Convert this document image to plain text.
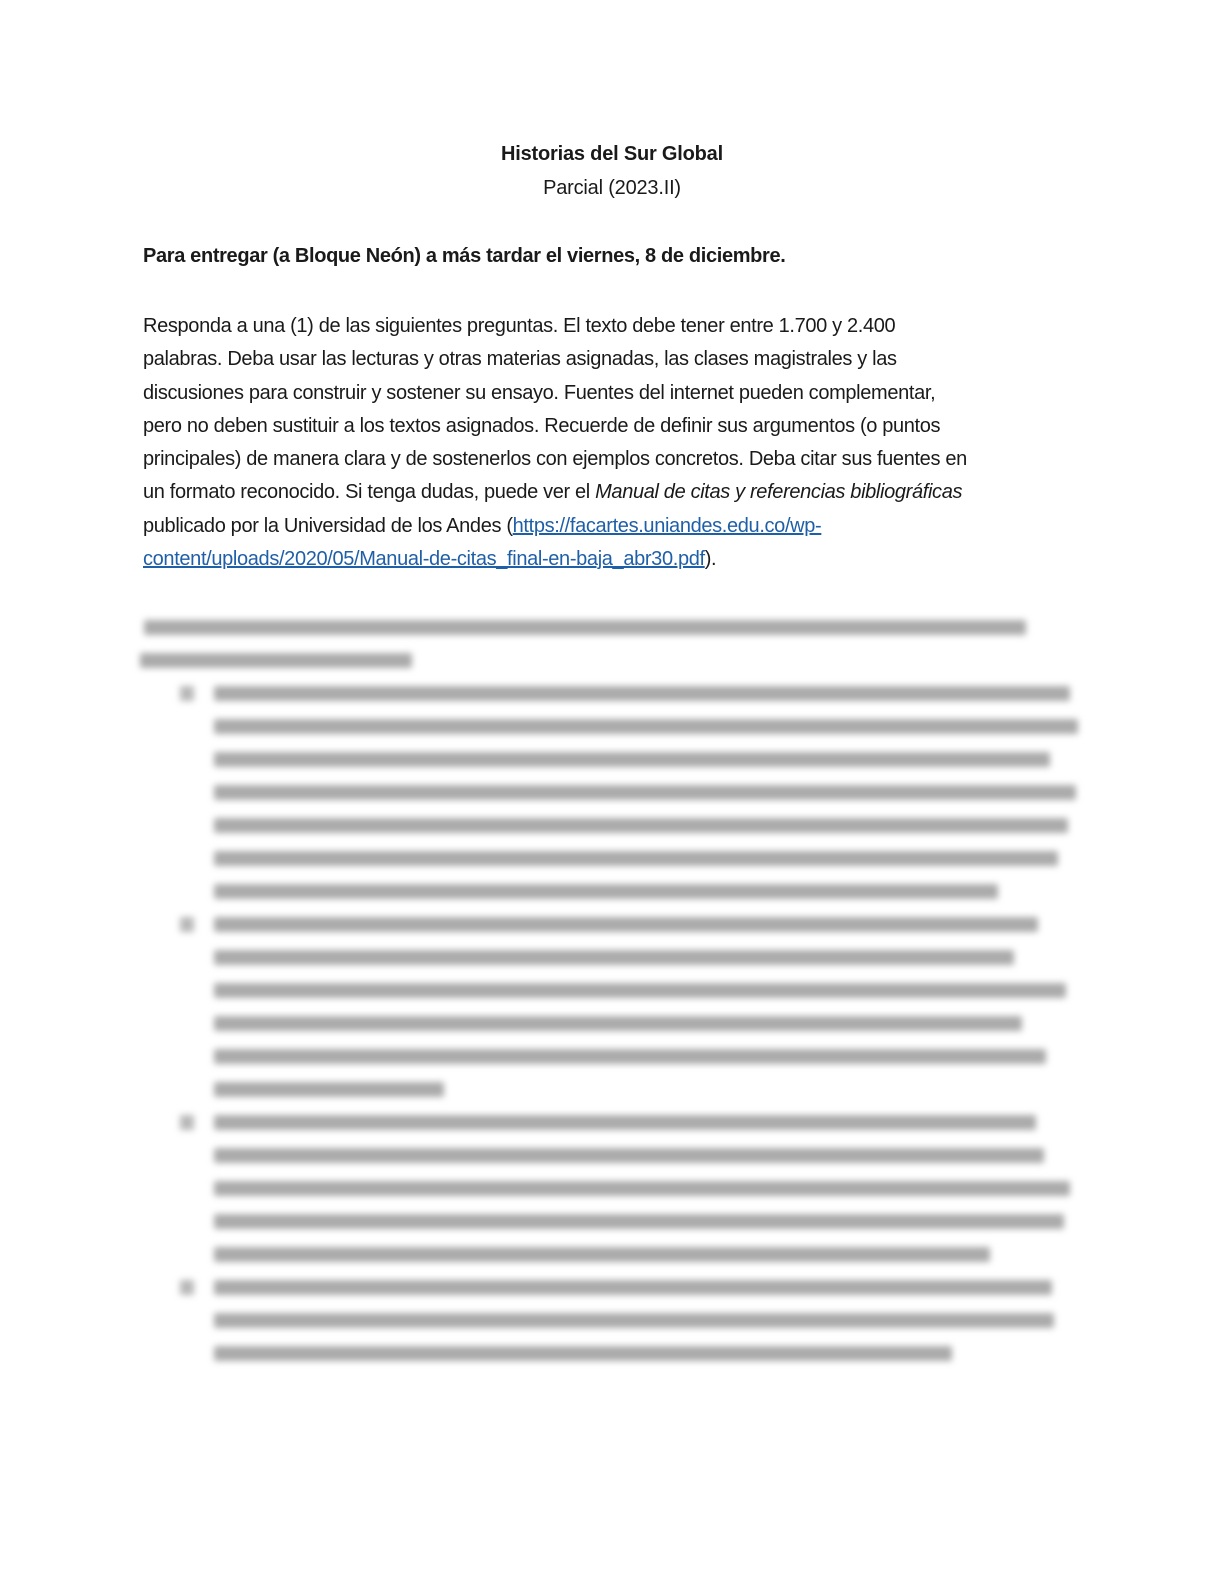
Historias del Sur Global
Parcial (2023.II)
Para entregar (a Bloque Neón) a más tardar el viernes, 8 de diciembre.
Responda a una (1) de las siguientes preguntas. El texto debe tener entre 1.700 y 2.400
palabras. Deba usar las lecturas y otras materias asignadas, las clases magistrales y las
discusiones para construir y sostener su ensayo. Fuentes del internet pueden complementar,
pero no deben sustituir a los textos asignados. Recuerde de definir sus argumentos (o puntos
principales) de manera clara y de sostenerlos con ejemplos concretos. Deba citar sus fuentes en
un formato reconocido. Si tenga dudas, puede ver el Manual de citas y referencias bibliográficas
publicado por la Universidad de los Andes (https://facartes.uniandes.edu.co/wp-
content/uploads/2020/05/Manual-de-citas_final-en-baja_abr30.pdf).
